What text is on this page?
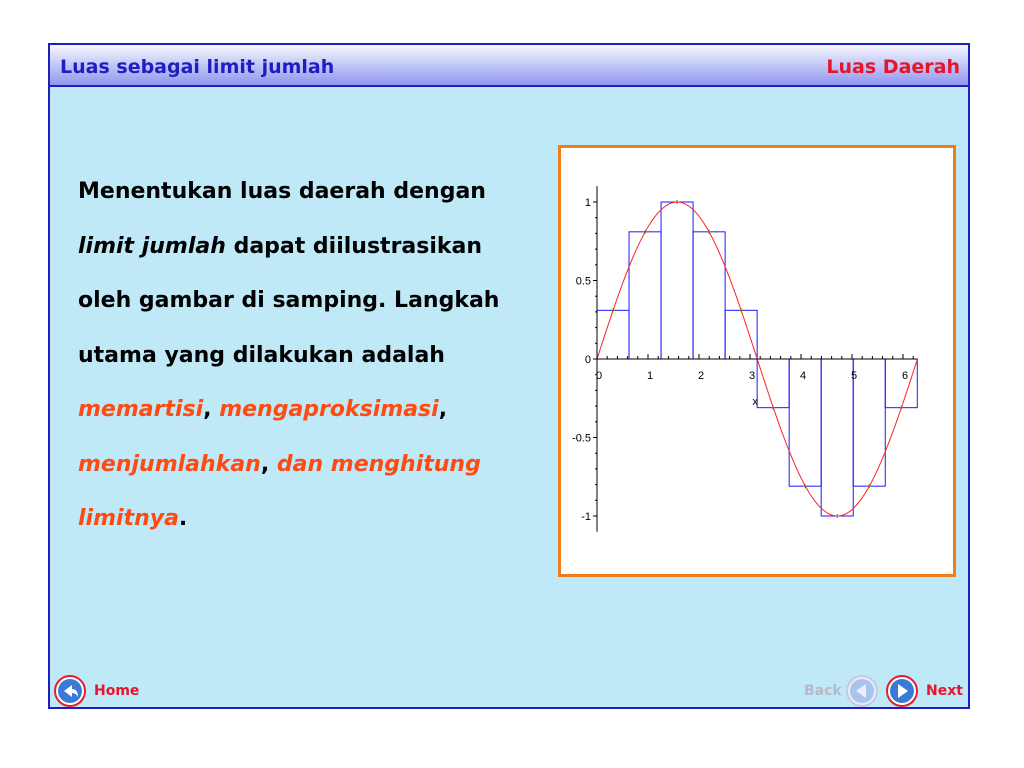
Luas sebagai limit jumlah	Luas Daerah
Menentukan luas daerah dengan
limit jumlah dapat diilustrasikan
oleh gambar di samping. Langkah
utama yang dilakukan adalah
memartisi, mengaproksimasi,
menjumlahkan, dan menghitung
limitnya.
1
0.5
0
-0.5
-1
0	1	2	3	4	5	6
x
Home	Back	Next
